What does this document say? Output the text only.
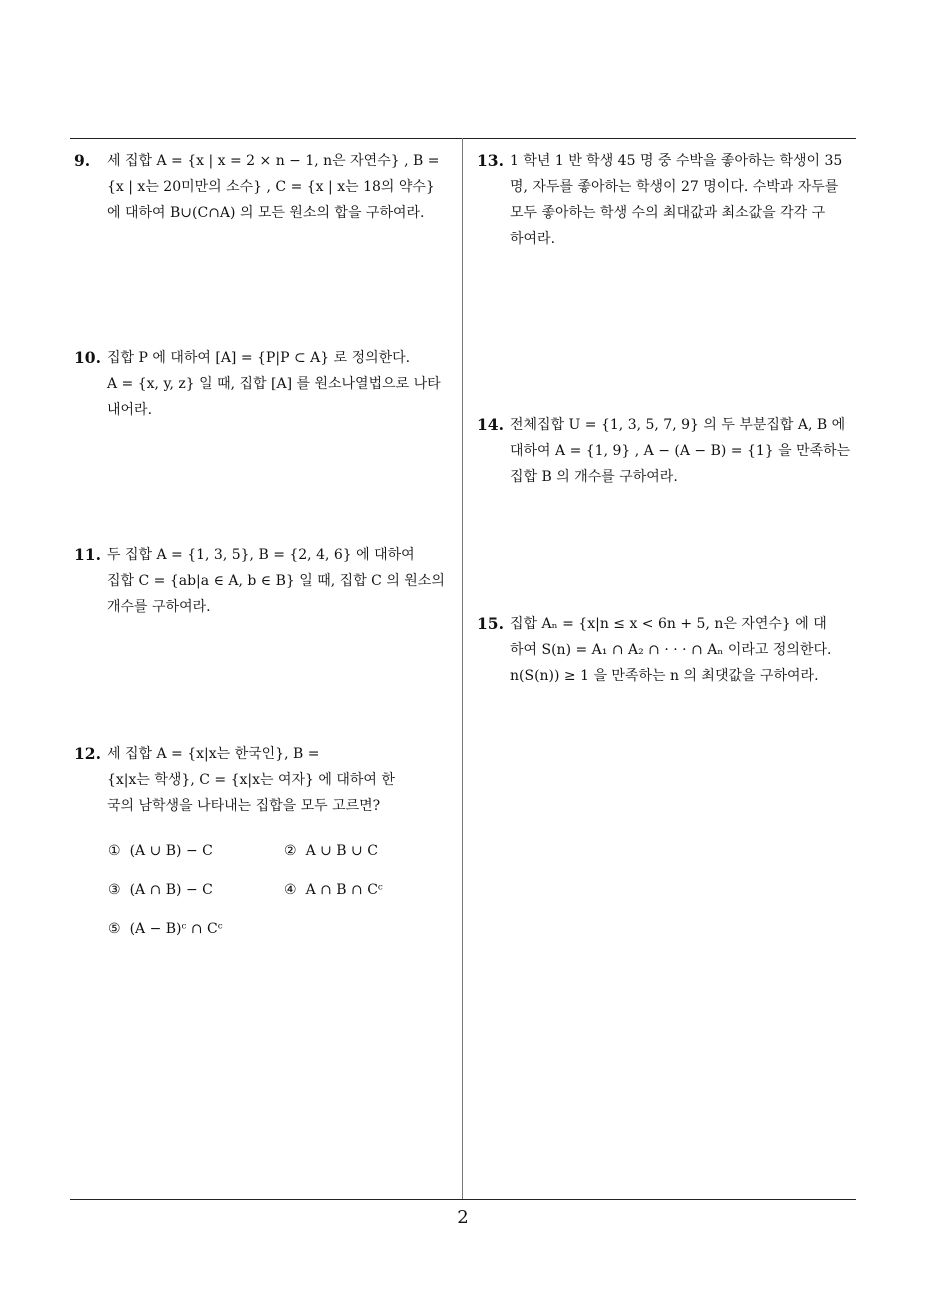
9. 세 집합 A = {x | x = 2 × n − 1, n은 자연수} , B =
{x | x는 20미만의 소수} , C = {x | x는 18의 약수}
에 대하여 B∪(C∩A) 의 모든 원소의 합을 구하여라.
10. 집합 P 에 대하여 [A] = {P|P ⊂ A} 로 정의한다.
A = {x, y, z} 일 때, 집합 [A] 를 원소나열법으로 나타
내어라.
11. 두 집합 A = {1, 3, 5}, B = {2, 4, 6} 에 대하여
집합 C = {ab|a ∈ A, b ∈ B} 일 때, 집합 C 의 원소의
개수를 구하여라.
12. 세 집합 A = {x|x는 한국인}, B =
{x|x는 학생}, C = {x|x는 여자} 에 대하여 한
국의 남학생을 나타내는 집합을 모두 고르면?
① (A ∪ B) − C	② A ∪ B ∪ C
③ (A ∩ B) − C	④ A ∩ B ∩ Cᶜ
⑤ (A − B)ᶜ ∩ Cᶜ
13. 1 학년 1 반 학생 45 명 중 수박을 좋아하는 학생이 35
명, 자두를 좋아하는 학생이 27 명이다. 수박과 자두를
모두 좋아하는 학생 수의 최대값과 최소값을 각각 구
하여라.
14. 전체집합 U = {1, 3, 5, 7, 9} 의 두 부분집합 A, B 에
대하여 A = {1, 9} , A − (A − B) = {1} 을 만족하는
집합 B 의 개수를 구하여라.
15. 집합 Aₙ = {x|n ≤ x < 6n + 5, n은 자연수} 에 대
하여 S(n) = A₁ ∩ A₂ ∩ · · · ∩ Aₙ 이라고 정의한다.
n(S(n)) ≥ 1 을 만족하는 n 의 최댓값을 구하여라.
2
